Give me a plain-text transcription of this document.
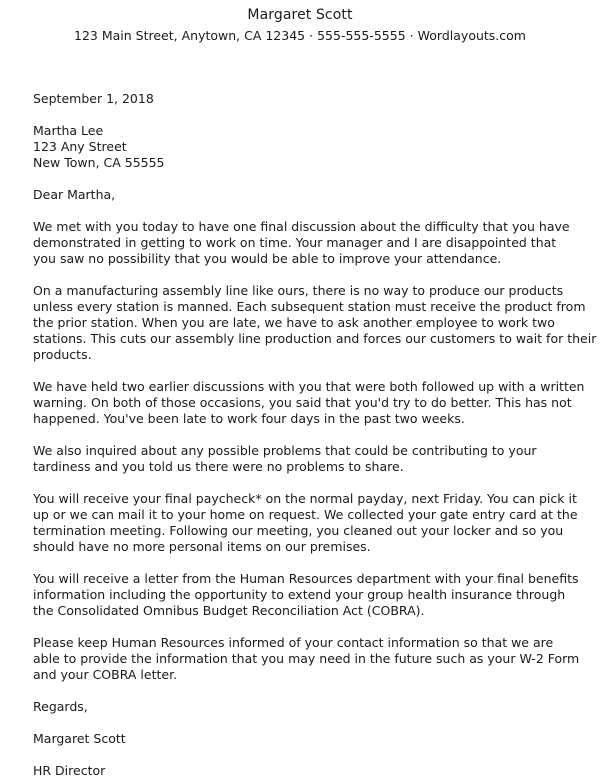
Margaret Scott
123 Main Street, Anytown, CA 12345 · 555-555-5555 · Wordlayouts.com
September 1, 2018
Martha Lee
123 Any Street
New Town, CA 55555
Dear Martha,
We met with you today to have one final discussion about the difficulty that you have
demonstrated in getting to work on time. Your manager and I are disappointed that
you saw no possibility that you would be able to improve your attendance.
On a manufacturing assembly line like ours, there is no way to produce our products
unless every station is manned. Each subsequent station must receive the product from
the prior station. When you are late, we have to ask another employee to work two
stations. This cuts our assembly line production and forces our customers to wait for their
products.
We have held two earlier discussions with you that were both followed up with a written
warning. On both of those occasions, you said that you'd try to do better. This has not
happened. You've been late to work four days in the past two weeks.
We also inquired about any possible problems that could be contributing to your
tardiness and you told us there were no problems to share.
You will receive your final paycheck* on the normal payday, next Friday. You can pick it
up or we can mail it to your home on request. We collected your gate entry card at the
termination meeting. Following our meeting, you cleaned out your locker and so you
should have no more personal items on our premises.
You will receive a letter from the Human Resources department with your final benefits
information including the opportunity to extend your group health insurance through
the Consolidated Omnibus Budget Reconciliation Act (COBRA).
Please keep Human Resources informed of your contact information so that we are
able to provide the information that you may need in the future such as your W-2 Form
and your COBRA letter.
Regards,
Margaret Scott
HR Director
